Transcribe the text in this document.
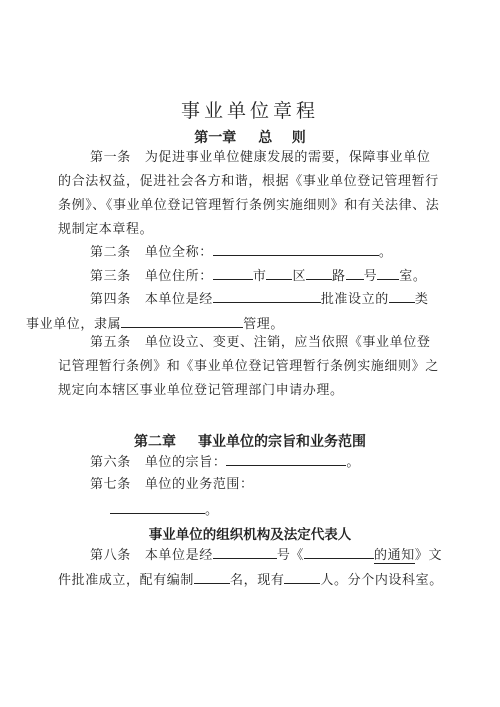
事业单位章程
第一章 总    则
第一条 为促进事业单位健康发展的需要，保障事业单位的合法权益，促进社会各方和谐，根据《事业单位登记管理暂行条例》、《事业单位登记管理暂行条例实施细则》和有关法律、法规制定本章程。
第二条 单位全称：	。
第三条 单位住所：	市 区 路 号 室。
第四条 本单位是经	批准设立的 类
事业单位，隶属	管理。
第五条 单位设立、变更、注销，应当依照《事业单位登记管理暂行条例》和《事业单位登记管理暂行条例实施细则》之规定向本辖区事业单位登记管理部门申请办理。
第二章 事业单位的宗旨和业务范围
第六条 单位的宗旨：	。
第七条 单位的业务范围：
。
事业单位的组织机构及法定代表人
第八条 本单位是经	号《	的通知》文件批准成立，配有编制	名，现有	人。分个内设科室。
